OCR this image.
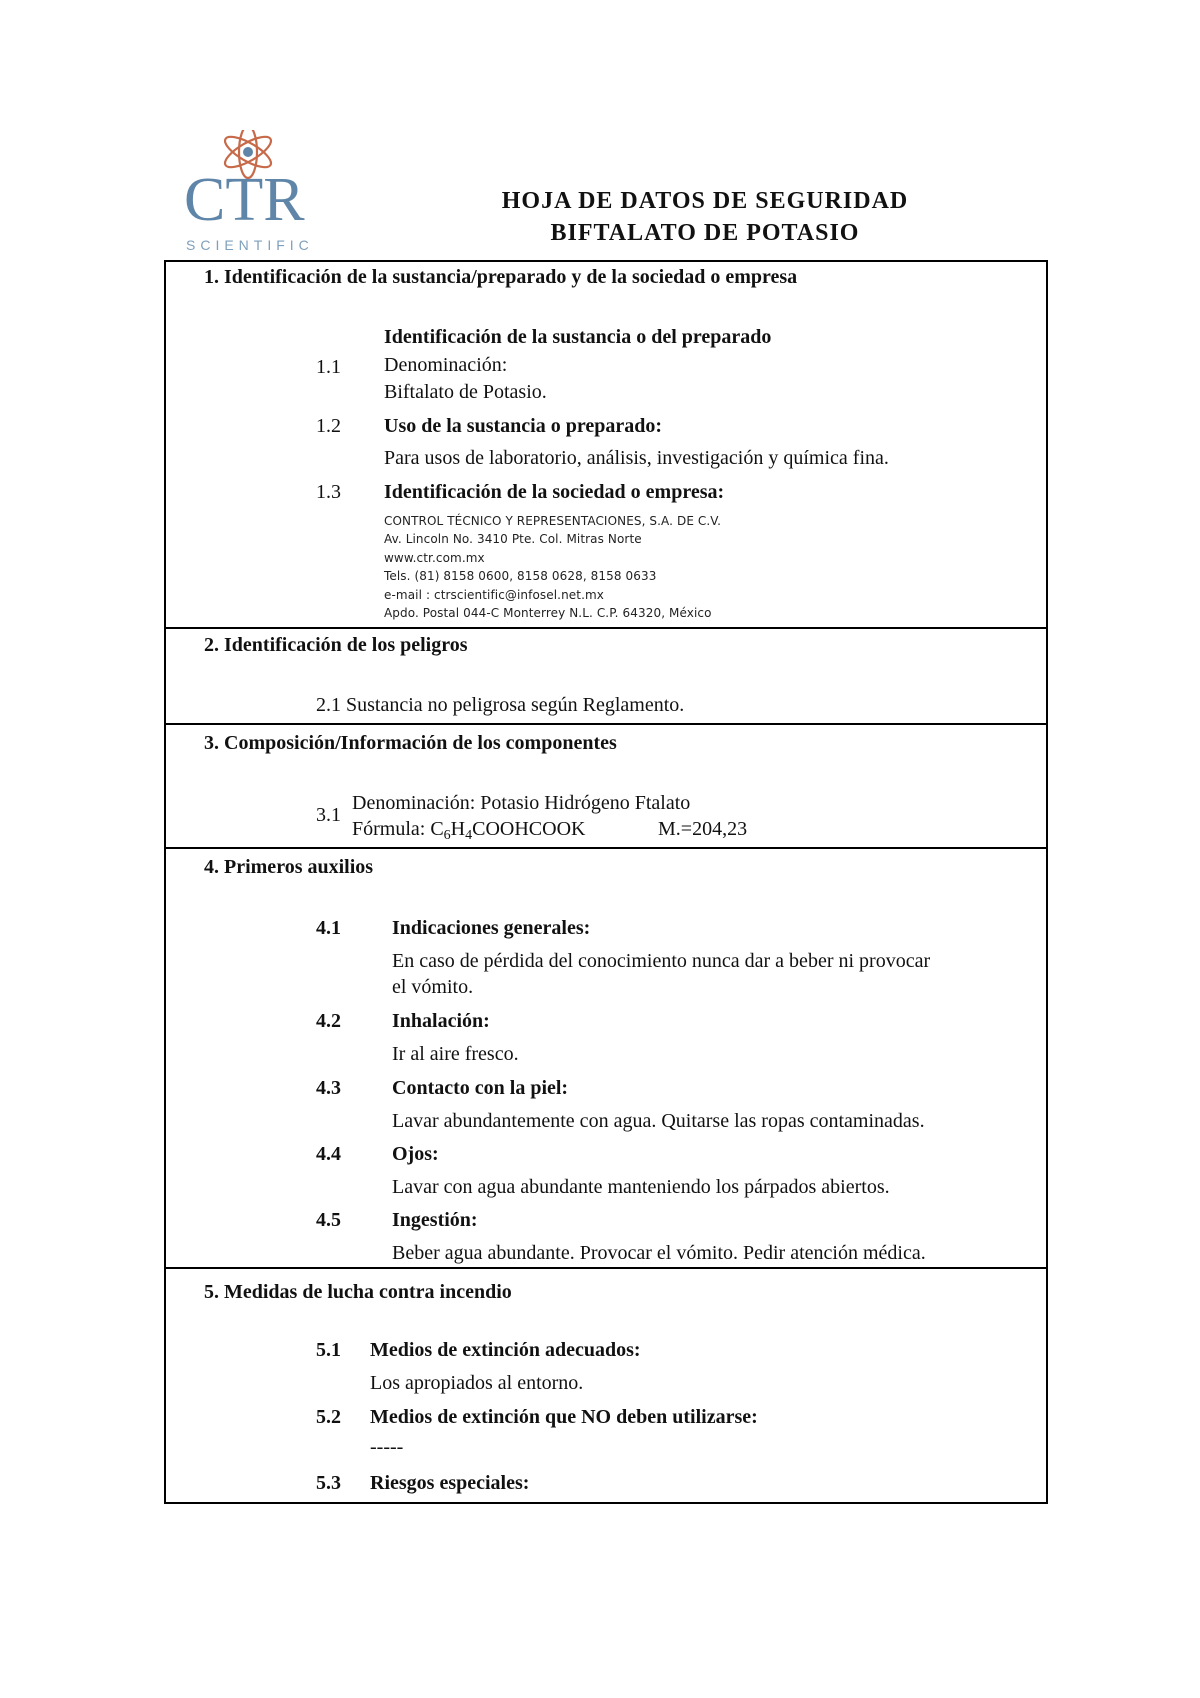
CTR
SCIENTIFIC
HOJA DE DATOS DE SEGURIDAD
BIFTALATO DE POTASIO
1. Identificación de la sustancia/preparado y de la sociedad o empresa
Identificación de la sustancia o del preparado
1.1 Denominación:
Biftalato de Potasio.
1.2 Uso de la sustancia o preparado:
Para usos de laboratorio, análisis, investigación y química fina.
1.3 Identificación de la sociedad o empresa:
CONTROL TÉCNICO Y REPRESENTACIONES, S.A. DE C.V.
Av. Lincoln No. 3410 Pte. Col. Mitras Norte
www.ctr.com.mx
Tels. (81) 8158 0600, 8158 0628, 8158 0633
e-mail : ctrscientific@infosel.net.mx
Apdo. Postal 044-C Monterrey N.L. C.P. 64320, México
2. Identificación de los peligros
2.1 Sustancia no peligrosa según Reglamento.
3. Composición/Información de los componentes
3.1
Denominación: Potasio Hidrógeno Ftalato
Fórmula: $C_6H_4COOHCOOK$	M.=204,23
4. Primeros auxilios
4.1	Indicaciones generales:
En caso de pérdida del conocimiento nunca dar a beber ni provocar
el vómito.
4.2	Inhalación:
Ir al aire fresco.
4.3	Contacto con la piel:
Lavar abundantemente con agua. Quitarse las ropas contaminadas.
4.4	Ojos:
Lavar con agua abundante manteniendo los párpados abiertos.
4.5	Ingestión:
Beber agua abundante. Provocar el vómito. Pedir atención médica.
5. Medidas de lucha contra incendio
5.1 Medios de extinción adecuados:
Los apropiados al entorno.
5.2 Medios de extinción que NO deben utilizarse:
-----
5.3 Riesgos especiales:
